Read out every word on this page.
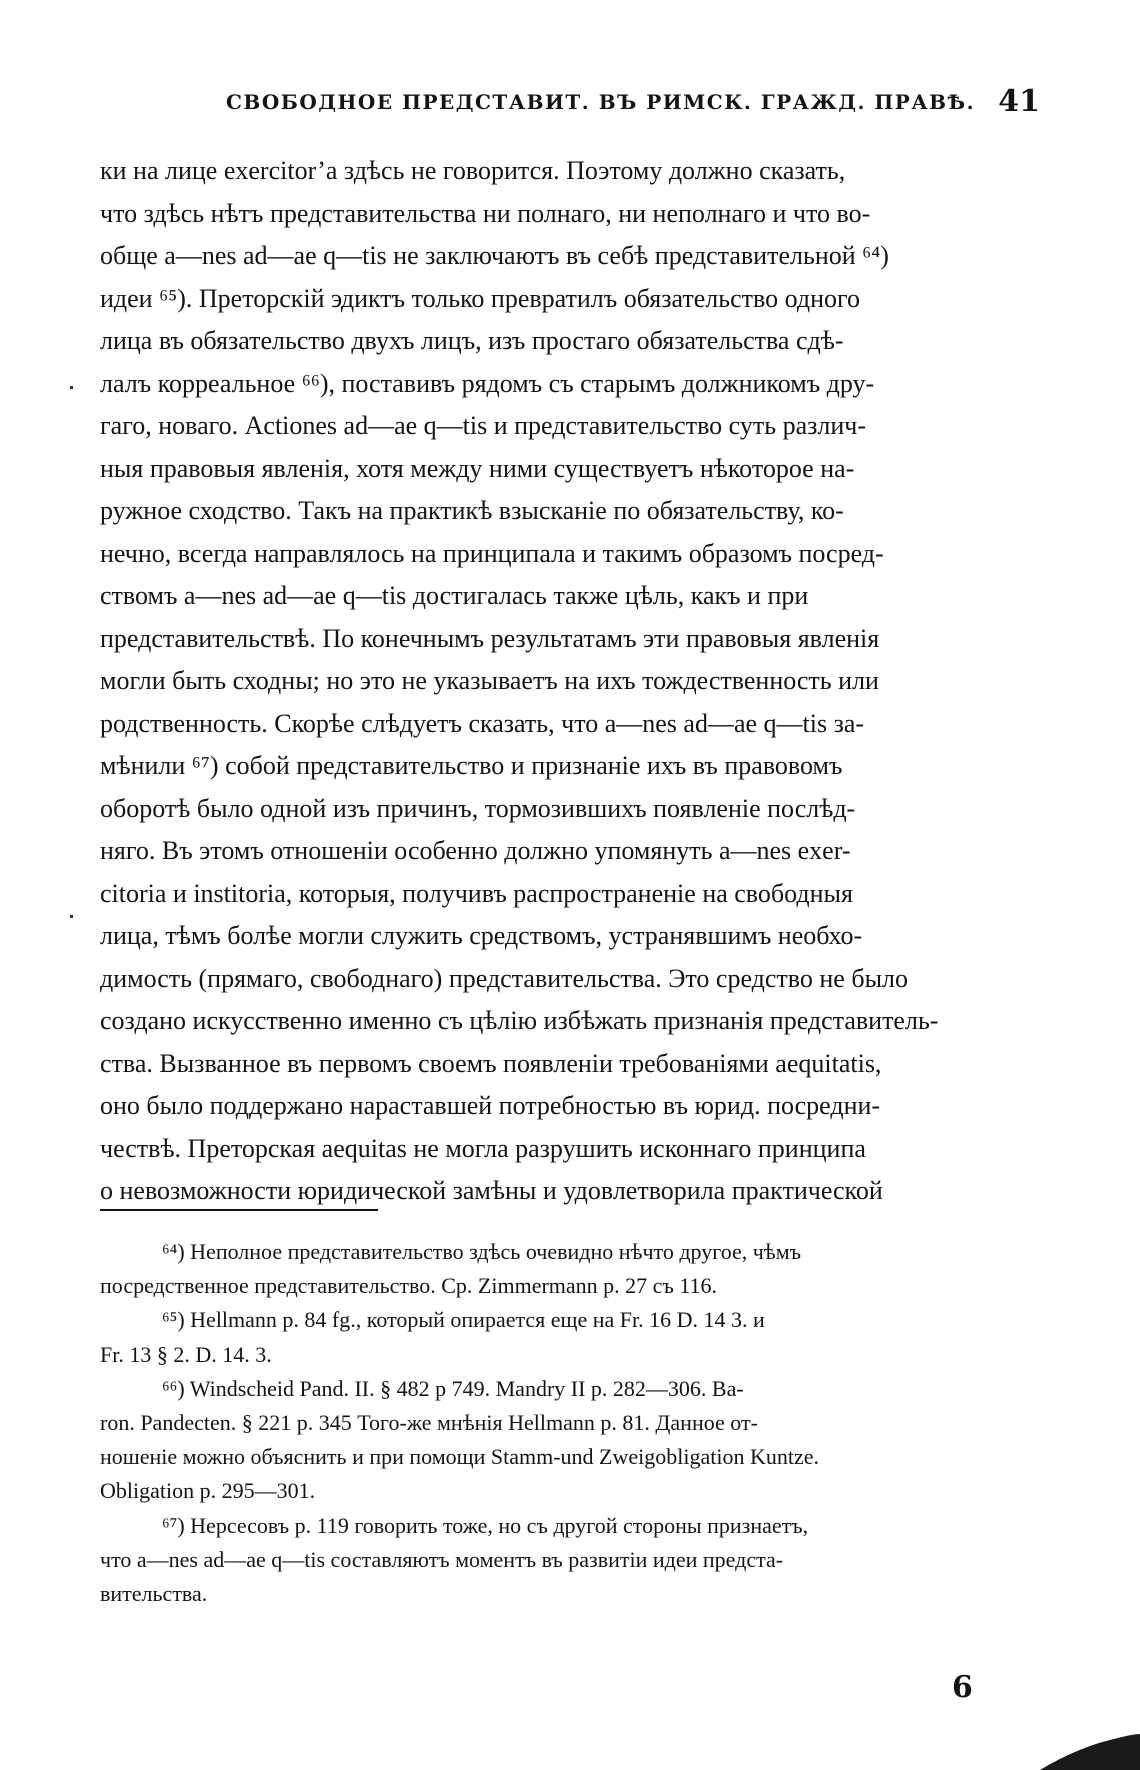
СВОБОДНОЕ ПРЕДСТАВИТ. ВЪ РИМСК. ГРАЖД. ПРАВѢ. 41
ки на лице exercitor’а здѣсь не говорится. Поэтому должно сказать,
что здѣсь нѣтъ представительства ни полнаго, ни неполнаго и что во-
обще a—nes ad—ae q—tis не заключаютъ въ себѣ представительной ⁶⁴)
идеи ⁶⁵). Преторскій эдиктъ только превратилъ обязательство одного
лица въ обязательство двухъ лицъ, изъ простаго обязательства сдѣ-
лалъ корреальное ⁶⁶), поставивъ рядомъ съ старымъ должникомъ дру-
гаго, новаго. Actiones ad—ae q—tis и представительство суть различ-
ныя правовыя явленія, хотя между ними существуетъ нѣкоторое на-
ружное сходство. Такъ на практикѣ взысканіе по обязательству, ко-
нечно, всегда направлялось на принципала и такимъ образомъ посред-
ствомъ a—nes ad—ae q—tis достигалась также цѣль, какъ и при
представительствѣ. По конечнымъ результатамъ эти правовыя явленія
могли быть сходны; но это не указываетъ на ихъ тождественность или
родственность. Скорѣе слѣдуетъ сказать, что a—nes ad—ae q—tis за-
мѣнили ⁶⁷) собой представительство и признаніе ихъ въ правовомъ
оборотѣ было одной изъ причинъ, тормозившихъ появленіе послѣд-
няго. Въ этомъ отношеніи особенно должно упомянуть a—nes exer-
citoria и institoria, которыя, получивъ распространеніе на свободныя
лица, тѣмъ болѣе могли служить средствомъ, устранявшимъ необхо-
димость (прямаго, свободнаго) представительства. Это средство не было
создано искусственно именно съ цѣлію избѣжать признанія представитель-
ства. Вызванное въ первомъ своемъ появленіи требованіями aequitatis,
оно было поддержано нараставшей потребностью въ юрид. посредни-
чествѣ. Преторская aequitas не могла разрушить исконнаго принципа
о невозможности юридической замѣны и удовлетворила практической
⁶⁴) Неполное представительство здѣсь очевидно нѣчто другое, чѣмъ
посредственное представительство. Ср. Zimmermann p. 27 съ 116.
⁶⁵) Hellmann p. 84 fg., который опирается еще на Fr. 16 D. 14 3. и
Fr. 13 § 2. D. 14. 3.
⁶⁶) Windscheid Pand. II. § 482 p 749. Mandry II p. 282—306. Ba-
ron. Pandecten. § 221 p. 345 Того-же мнѣнія Hellmann p. 81. Данное от-
ношеніе можно объяснить и при помощи Stamm-und Zweigobligation Kuntze.
Obligation p. 295—301.
⁶⁷) Нерсесовъ p. 119 говорить тоже, но съ другой стороны признаетъ,
что a—nes ad—ae q—tis составляютъ моментъ въ развитіи идеи предста-
вительства.
6
